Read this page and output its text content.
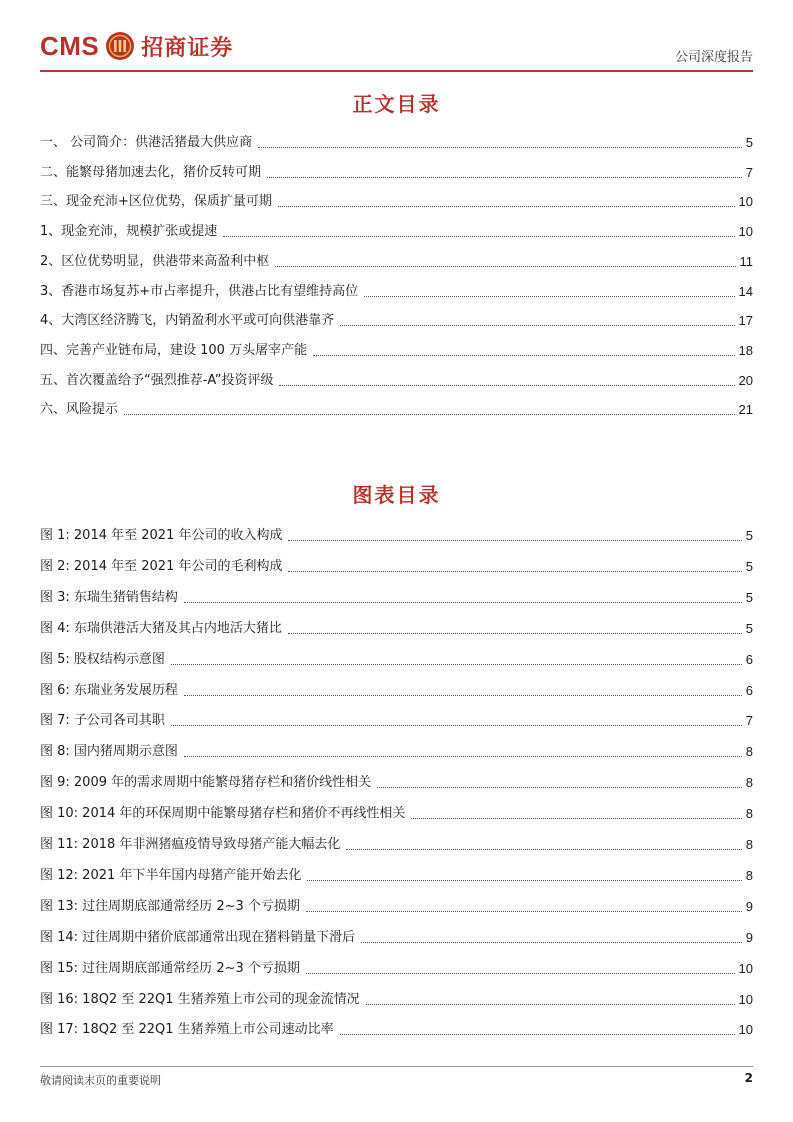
CMS 招商证券	公司深度报告
正文目录
一、 公司简介：供港活猪最大供应商	5
二、能繁母猪加速去化，猪价反转可期	7
三、现金充沛+区位优势，保质扩量可期	10
1、现金充沛，规模扩张或提速	10
2、区位优势明显，供港带来高盈利中枢	11
3、香港市场复苏+市占率提升，供港占比有望维持高位	14
4、大湾区经济腾飞，内销盈利水平或可向供港靠齐	17
四、完善产业链布局，建设 100 万头屠宰产能	18
五、首次覆盖给予“强烈推荐-A”投资评级	20
六、风险提示	21
图表目录
图 1: 2014 年至 2021 年公司的收入构成	5
图 2: 2014 年至 2021 年公司的毛利构成	5
图 3: 东瑞生猪销售结构	5
图 4: 东瑞供港活大猪及其占内地活大猪比	5
图 5: 股权结构示意图	6
图 6: 东瑞业务发展历程	6
图 7: 子公司各司其职	7
图 8: 国内猪周期示意图	8
图 9: 2009 年的需求周期中能繁母猪存栏和猪价线性相关	8
图 10: 2014 年的环保周期中能繁母猪存栏和猪价不再线性相关	8
图 11: 2018 年非洲猪瘟疫情导致母猪产能大幅去化	8
图 12: 2021 年下半年国内母猪产能开始去化	8
图 13: 过往周期底部通常经历 2~3 个亏损期	9
图 14: 过往周期中猪价底部通常出现在猪料销量下滑后	9
图 15: 过往周期底部通常经历 2~3 个亏损期	10
图 16: 18Q2 至 22Q1 生猪养殖上市公司的现金流情况	10
图 17: 18Q2 至 22Q1 生猪养殖上市公司速动比率	10
敬请阅读末页的重要说明	2
